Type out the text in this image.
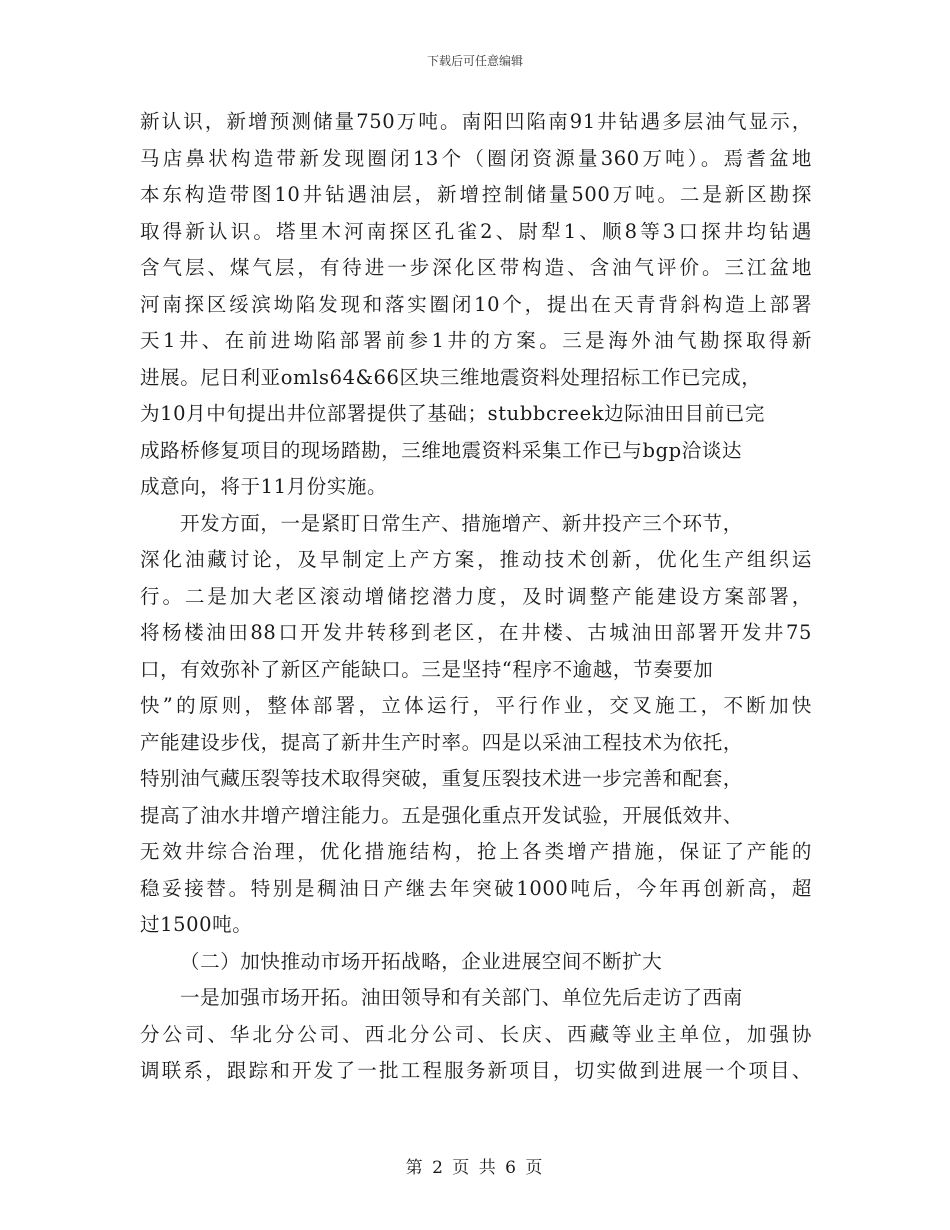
下载后可任意编辑
新认识，新增预测储量750万吨。南阳凹陷南91井钻遇多层油气显示，
马店鼻状构造带新发现圈闭13个（圈闭资源量360万吨）。焉耆盆地
本东构造带图10井钻遇油层，新增控制储量500万吨。二是新区勘探
取得新认识。塔里木河南探区孔雀2、尉犁1、顺8等3口探井均钻遇
含气层、煤气层，有待进一步深化区带构造、含油气评价。三江盆地
河南探区绥滨坳陷发现和落实圈闭10个，提出在天青背斜构造上部署
天1井、在前进坳陷部署前参1井的方案。三是海外油气勘探取得新
进展。尼日利亚omls64&66区块三维地震资料处理招标工作已完成，
为10月中旬提出井位部署提供了基础；stubbcreek边际油田目前已完
成路桥修复项目的现场踏勘，三维地震资料采集工作已与bgp洽谈达
成意向，将于11月份实施。
开发方面，一是紧盯日常生产、措施增产、新井投产三个环节，
深化油藏讨论，及早制定上产方案，推动技术创新，优化生产组织运
行。二是加大老区滚动增储挖潜力度，及时调整产能建设方案部署，
将杨楼油田88口开发井转移到老区，在井楼、古城油田部署开发井75
口，有效弥补了新区产能缺口。三是坚持“程序不逾越，节奏要加
快”的原则，整体部署，立体运行，平行作业，交叉施工，不断加快
产能建设步伐，提高了新井生产时率。四是以采油工程技术为依托，
特别油气藏压裂等技术取得突破，重复压裂技术进一步完善和配套，
提高了油水井增产增注能力。五是强化重点开发试验，开展低效井、
无效井综合治理，优化措施结构，抢上各类增产措施，保证了产能的
稳妥接替。特别是稠油日产继去年突破1000吨后，今年再创新高，超
过1500吨。
（二）加快推动市场开拓战略，企业进展空间不断扩大
一是加强市场开拓。油田领导和有关部门、单位先后走访了西南
分公司、华北分公司、西北分公司、长庆、西藏等业主单位，加强协
调联系，跟踪和开发了一批工程服务新项目，切实做到进展一个项目、
第 2 页 共 6 页
